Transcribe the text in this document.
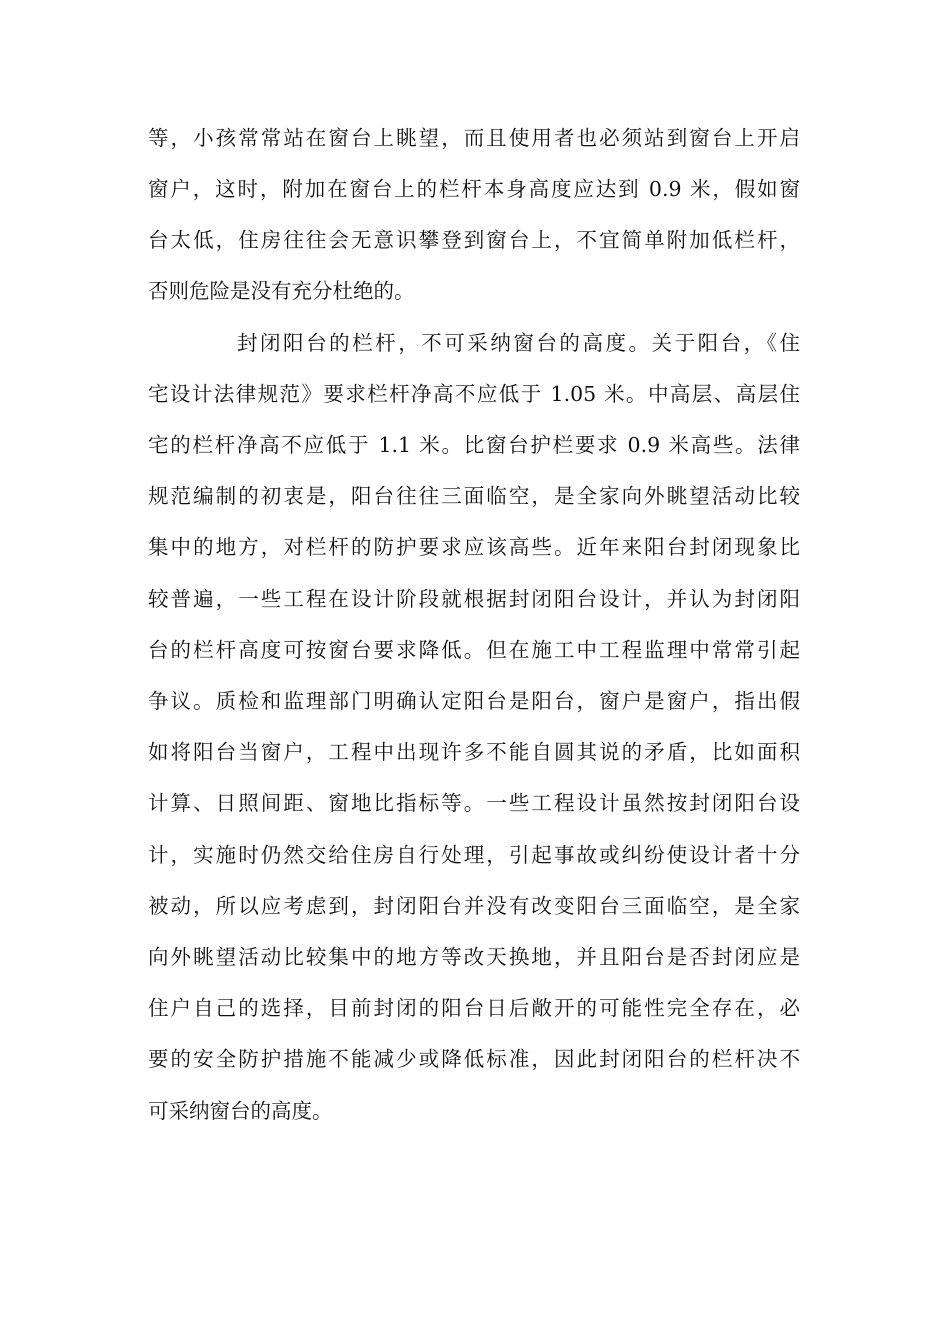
等，小孩常常站在窗台上眺望，而且使用者也必须站到窗台上开启
窗户，这时，附加在窗台上的栏杆本身高度应达到 0.9 米，假如窗
台太低，住房往往会无意识攀登到窗台上，不宜简单附加低栏杆，
否则危险是没有充分杜绝的。
封闭阳台的栏杆，不可采纳窗台的高度。关于阳台，《住
宅设计法律规范》要求栏杆净高不应低于 1.05 米。中高层、高层住
宅的栏杆净高不应低于 1.1 米。比窗台护栏要求 0.9 米高些。法律
规范编制的初衷是，阳台往往三面临空，是全家向外眺望活动比较
集中的地方，对栏杆的防护要求应该高些。近年来阳台封闭现象比
较普遍，一些工程在设计阶段就根据封闭阳台设计，并认为封闭阳
台的栏杆高度可按窗台要求降低。但在施工中工程监理中常常引起
争议。质检和监理部门明确认定阳台是阳台，窗户是窗户，指出假
如将阳台当窗户，工程中出现许多不能自圆其说的矛盾，比如面积
计算、日照间距、窗地比指标等。一些工程设计虽然按封闭阳台设
计，实施时仍然交给住房自行处理，引起事故或纠纷使设计者十分
被动，所以应考虑到，封闭阳台并没有改变阳台三面临空，是全家
向外眺望活动比较集中的地方等改天换地，并且阳台是否封闭应是
住户自己的选择，目前封闭的阳台日后敞开的可能性完全存在，必
要的安全防护措施不能减少或降低标准，因此封闭阳台的栏杆决不
可采纳窗台的高度。
